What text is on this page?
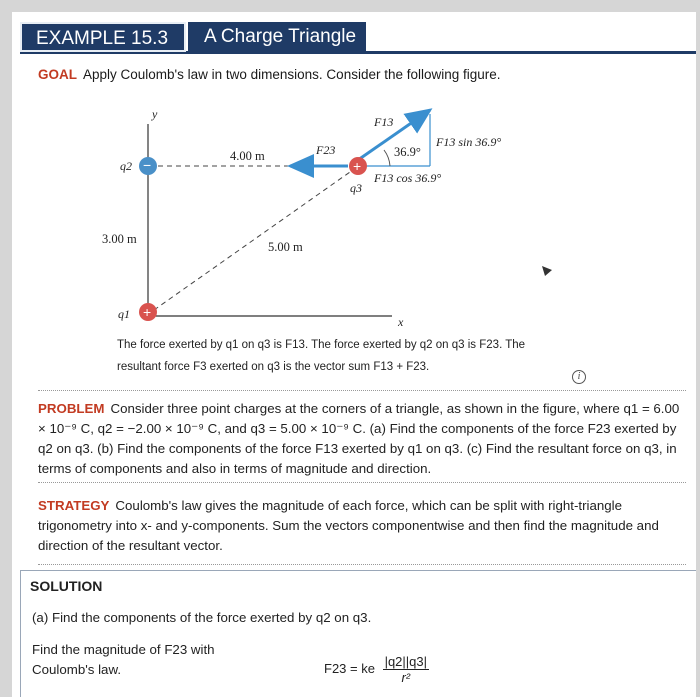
EXAMPLE 15.3	A Charge Triangle
GOAL Apply Coulomb's law in two dimensions. Consider the following figure.
y
x
−	+
+
q2
q3
q1
4.00 m
3.00 m
5.00 m
F23
F13
36.9°
F13 sin 36.9°
F13 cos 36.9°
The force exerted by q1 on q3 is F13. The force exerted by q2 on q3 is F23. The
resultant force F3 exerted on q3 is the vector sum F13 + F23.
i
PROBLEM Consider three point charges at the corners of a triangle, as shown in the figure, where q1 = 6.00 × 10⁻⁹ C, q2 = −2.00 × 10⁻⁹ C, and q3 = 5.00 × 10⁻⁹ C. (a) Find the components of the force F23 exerted by q2 on q3. (b) Find the components of the force F13 exerted by q1 on q3. (c) Find the resultant force on q3, in terms of components and also in terms of magnitude and direction.
STRATEGY Coulomb's law gives the magnitude of each force, which can be split with right-triangle trigonometry into x- and y-components. Sum the vectors componentwise and then find the magnitude and direction of the resultant vector.
SOLUTION
(a) Find the components of the force exerted by q2 on q3.
Find the magnitude of F23 with Coulomb's law.	F23 = ke $\frac{|q2||q3|}{\text{r²}}$
